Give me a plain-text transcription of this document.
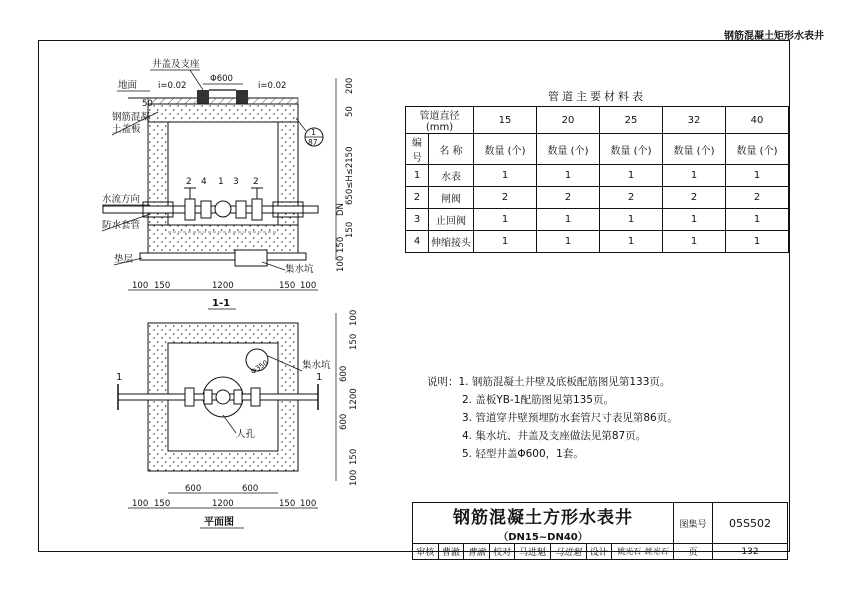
钢筋混凝土矩形水表井
2 4 1 3 2
井盖及支座
地面 i=0.02	i=0.02
Φ600
钢筋混凝
土盖板
水流方向
防水套管
垫层
集水坑
50
1
87
200
50
650≤H≤2150
DN
150
150
100
100 150	1200	150 100
1-1
Φ350	集水坑
1	1
人孔
100
150
600
1200
600
150
100
600	600
100 150	1200	150 100
平面图
管道主要材料表
管道直径(mm)		15	20	25	32	40
编号	名 称	数量 (个)	数量 (个)	数量 (个)	数量 (个)	数量 (个)
1	水表	1	1	1	1	1
2	闸阀	2	2	2	2	2
3	止回阀	1	1	1	1	1
4	伸缩接头	1	1	1	1	1
说明：1. 钢筋混凝土井壁及底板配筋图见第133页。
2. 盖板YB-1配筋图见第135页。
3. 管道穿井壁预埋防水套管尺寸表见第86页。
4. 集水坑、井盖及支座做法见第87页。
5. 轻型井盖Φ600，1套。
钢筋混凝土方形水表井
（DN15~DN40）								图集号	05S502
审核	曹澈	曹澈	校对	马进魁	马进魁	设计	姚光石 姚光石	页	132
